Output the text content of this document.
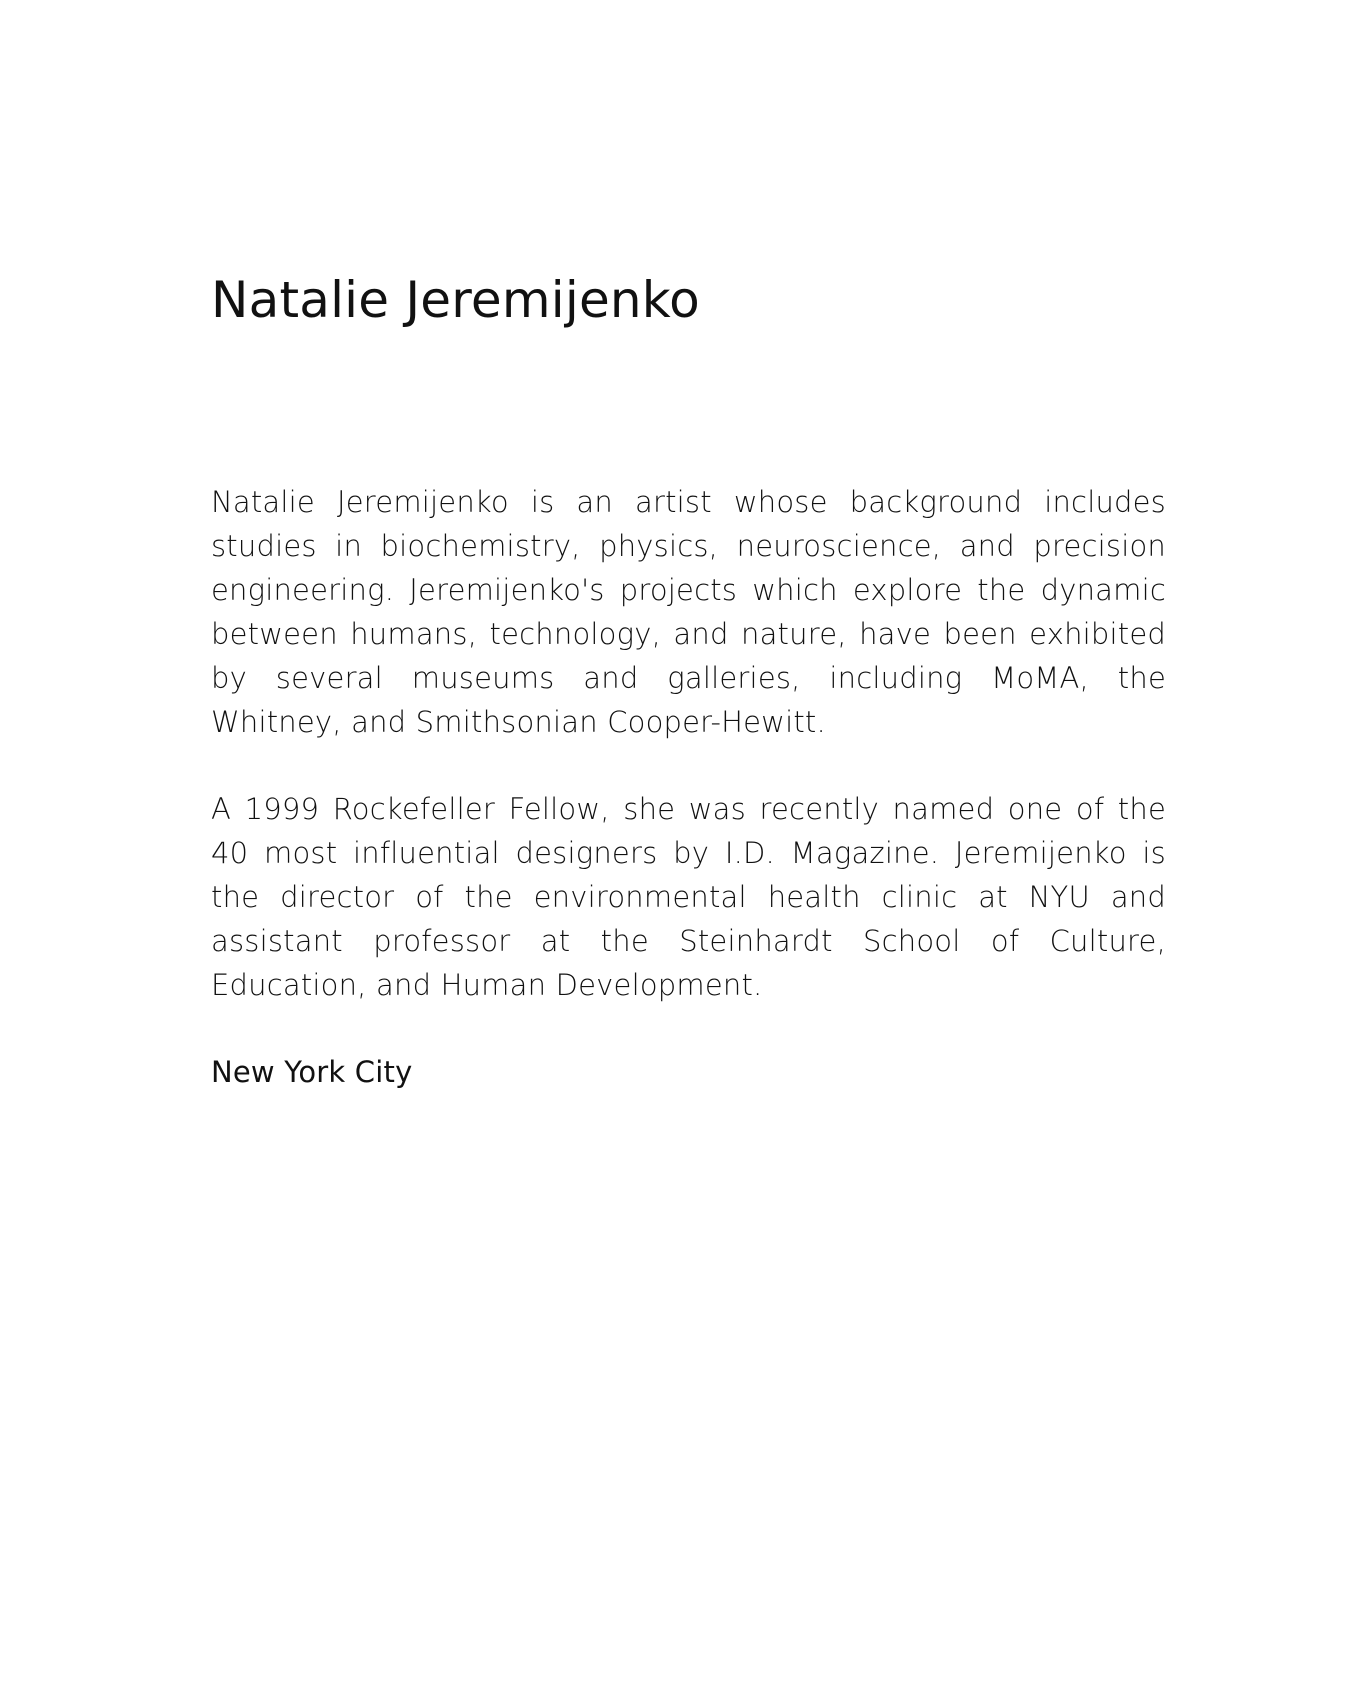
Natalie Jeremijenko

Natalie Jeremijenko is an artist whose background includes studies in biochemistry, physics, neuroscience, and precision engineering. Jeremijenko's projects which explore the dynamic between humans, technology, and nature, have been exhibited by several museums and galleries, including MoMA, the Whitney, and Smithsonian Cooper-Hewitt.

A 1999 Rockefeller Fellow, she was recently named one of the 40 most influential designers by I.D. Magazine. Jeremijenko is the director of the environmental health clinic at NYU and assistant professor at the Steinhardt School of Culture, Education, and Human Development.

New York City
